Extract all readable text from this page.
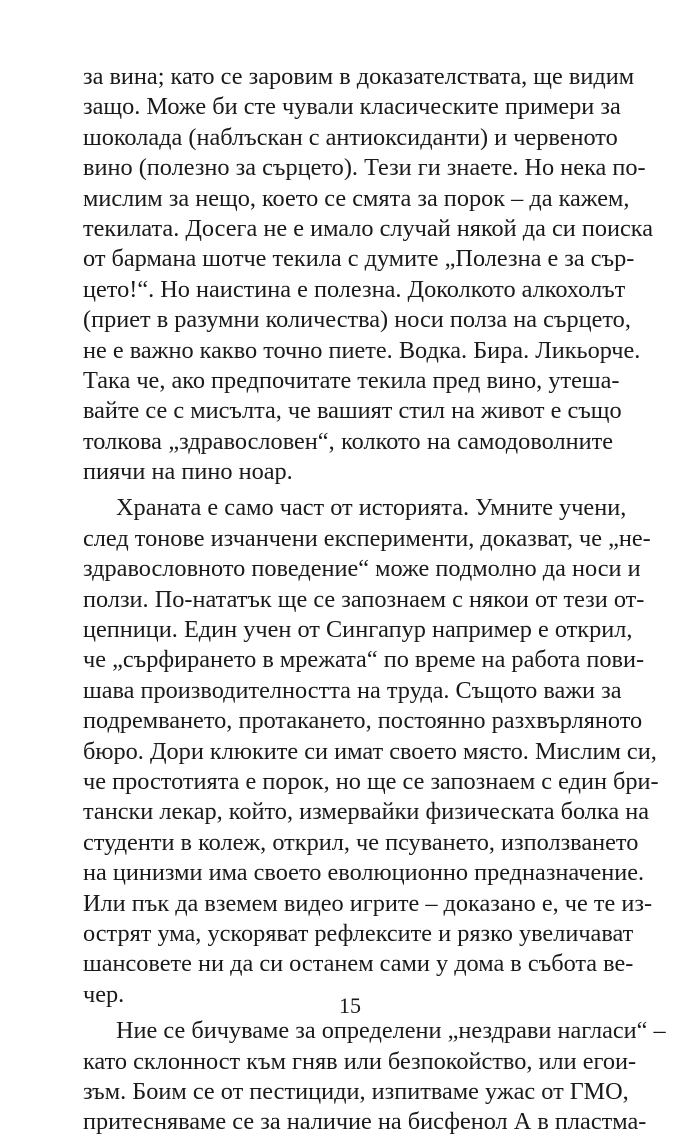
за вина; като се заровим в доказателствата, ще видим
защо. Може би сте чували класическите примери за
шоколада (наблъскан с антиоксиданти) и червеното
вино (полезно за сърцето). Тези ги знаете. Но нека по-
мислим за нещо, което се смята за порок – да кажем,
текилата. Досега не е имало случай някой да си поиска
от бармана шотче текила с думите „Полезна е за сър-
цето!“. Но наистина е полезна. Доколкото алкохолът
(приет в разумни количества) носи полза на сърцето,
не е важно какво точно пиете. Водка. Бира. Ликьорче.
Така че, ако предпочитате текила пред вино, утеша-
вайте се с мисълта, че вашият стил на живот е също
толкова „здравословен“, колкото на самодоволните
пиячи на пино ноар.
Храната е само част от историята. Умните учени,
след тонове изчанчени експерименти, доказват, че „не-
здравословното поведение“ може подмолно да носи и
ползи. По-нататък ще се запознаем с някои от тези от-
цепници. Един учен от Сингапур например е открил,
че „сърфирането в мрежата“ по време на работа пови-
шава производителността на труда. Същото важи за
подремването, протакането, постоянно разхвърляното
бюро. Дори клюките си имат своето място. Мислим си,
че простотията е порок, но ще се запознаем с един бри-
тански лекар, който, измервайки физическата болка на
студенти в колеж, открил, че псуването, използването
на цинизми има своето еволюционно предназначение.
Или пък да вземем видео игрите – доказано е, че те из-
острят ума, ускоряват рефлексите и рязко увеличават
шансовете ни да си останем сами у дома в събота ве-
чер.
Ние се бичуваме за определени „нездрави нагласи“ –
като склонност към гняв или безпокойство, или егои-
зъм. Боим се от пестициди, изпитваме ужас от ГМО,
притесняваме се за наличие на бисфенол А в пластма-
15
